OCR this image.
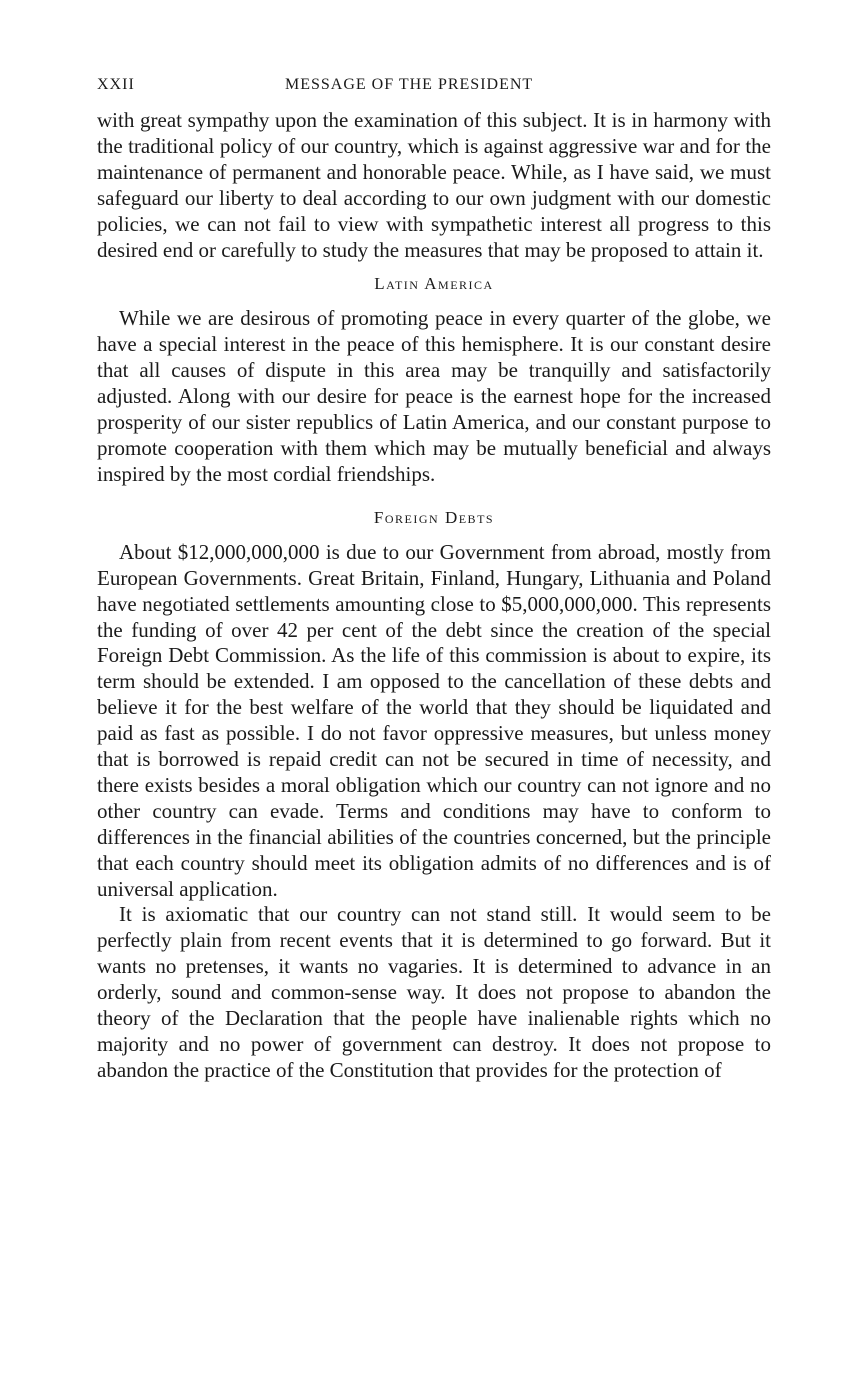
XXII	MESSAGE OF THE PRESIDENT

with great sympathy upon the examination of this subject. It is in harmony with the traditional policy of our country, which is against aggressive war and for the maintenance of permanent and honorable peace. While, as I have said, we must safeguard our liberty to deal according to our own judgment with our domestic policies, we can not fail to view with sympathetic interest all progress to this desired end or carefully to study the measures that may be proposed to attain it.

Latin America

While we are desirous of promoting peace in every quarter of the globe, we have a special interest in the peace of this hemisphere. It is our constant desire that all causes of dispute in this area may be tranquilly and satisfactorily adjusted. Along with our desire for peace is the earnest hope for the increased prosperity of our sister republics of Latin America, and our constant purpose to promote cooperation with them which may be mutually beneficial and always inspired by the most cordial friendships.

Foreign Debts

About $12,000,000,000 is due to our Government from abroad, mostly from European Governments. Great Britain, Finland, Hungary, Lithuania and Poland have negotiated settlements amounting close to $5,000,000,000. This represents the funding of over 42 per cent of the debt since the creation of the special Foreign Debt Commission. As the life of this commission is about to expire, its term should be extended. I am opposed to the cancellation of these debts and believe it for the best welfare of the world that they should be liquidated and paid as fast as possible. I do not favor oppressive measures, but unless money that is borrowed is repaid credit can not be secured in time of necessity, and there exists besides a moral obligation which our country can not ignore and no other country can evade. Terms and conditions may have to conform to differences in the financial abilities of the countries concerned, but the principle that each country should meet its obligation admits of no differences and is of universal application.

It is axiomatic that our country can not stand still. It would seem to be perfectly plain from recent events that it is determined to go forward. But it wants no pretenses, it wants no vagaries. It is determined to advance in an orderly, sound and common-sense way. It does not propose to abandon the theory of the Declaration that the people have inalienable rights which no majority and no power of government can destroy. It does not propose to abandon the practice of the Constitution that provides for the protection of
